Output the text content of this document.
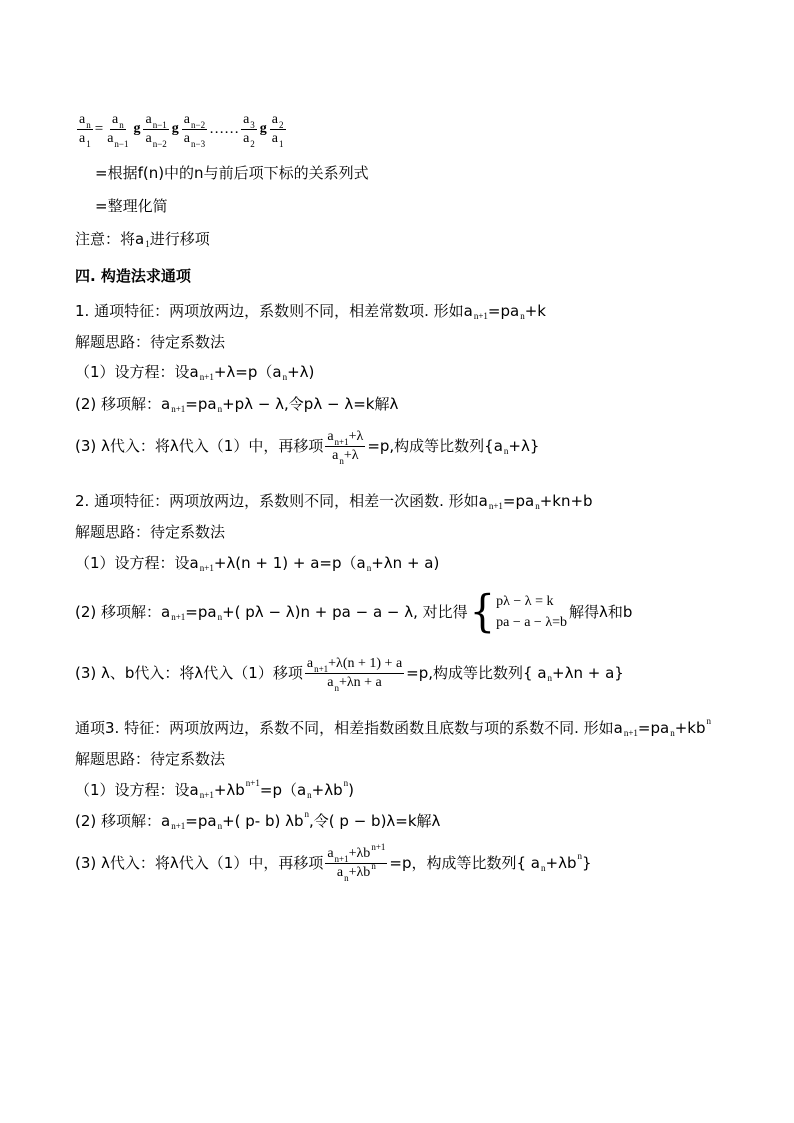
$\frac{a_n}{a_1} = \frac{a_n}{a_{n-1}}$ g $\frac{a_{n-1}}{a_{n-2}}$ g $\frac{a_{n-2}}{a_{n-3}}$ …… $\frac{a_3}{a_2}$ g $\frac{a_2}{a_1}$
=根据f(n)中的n与前后项下标的关系列式
=整理化简
注意：将a 1 进行移项
四. 构造法求通项
1. 通项特征：两项放两边，系数则不同，相差常数项. 形如a n+1 =pa n +k
解题思路：待定系数法
（1）设方程：设a n+1 +λ=p（a n +λ)
(2) 移项解：a n+1 =pa n +pλ − λ,令pλ − λ=k解λ
(3) λ代入：将λ代入（1）中，再移项 $\frac{a_{n+1}+\lambda}{a_n+\lambda} =p$,构成等比数列{a n +λ}
2. 通项特征：两项放两边，系数则不同，相差一次函数. 形如a n+1 =pa n +kn+b
解题思路：待定系数法
（1）设方程：设a n+1 +λ(n + 1) + a=p（a n +λn + a)
(2) 移项解：a n+1 =pa n +( pλ − λ)n + pa − a − λ, 对比得 { pλ − λ = k
pa − a − λ=b
解得λ和b
(3) λ、b代入：将λ代入（1）移项 $\frac{a_{n+1}+\lambda(n + 1) + a}{a_n+\lambda n + a} =p$,构成等比数列{ a n +λn + a}
通项3. 特征：两项放两边，系数不同，相差指数函数且底数与项的系数不同. 形如a n+1 =pa n +kb n
解题思路：待定系数法
（1）设方程：设a n+1 +λb n+1 =p（a n +λb n )
(2) 移项解：a n+1 =pa n +( p- b) λb n ,令( p − b)λ=k解λ
(3) λ代入：将λ代入（1）中，再移项 $\frac{a_{n+1}+\lambda b^{n+1}}{a_n+\lambda b^n} =p$，构成等比数列{ a n +λb n }
